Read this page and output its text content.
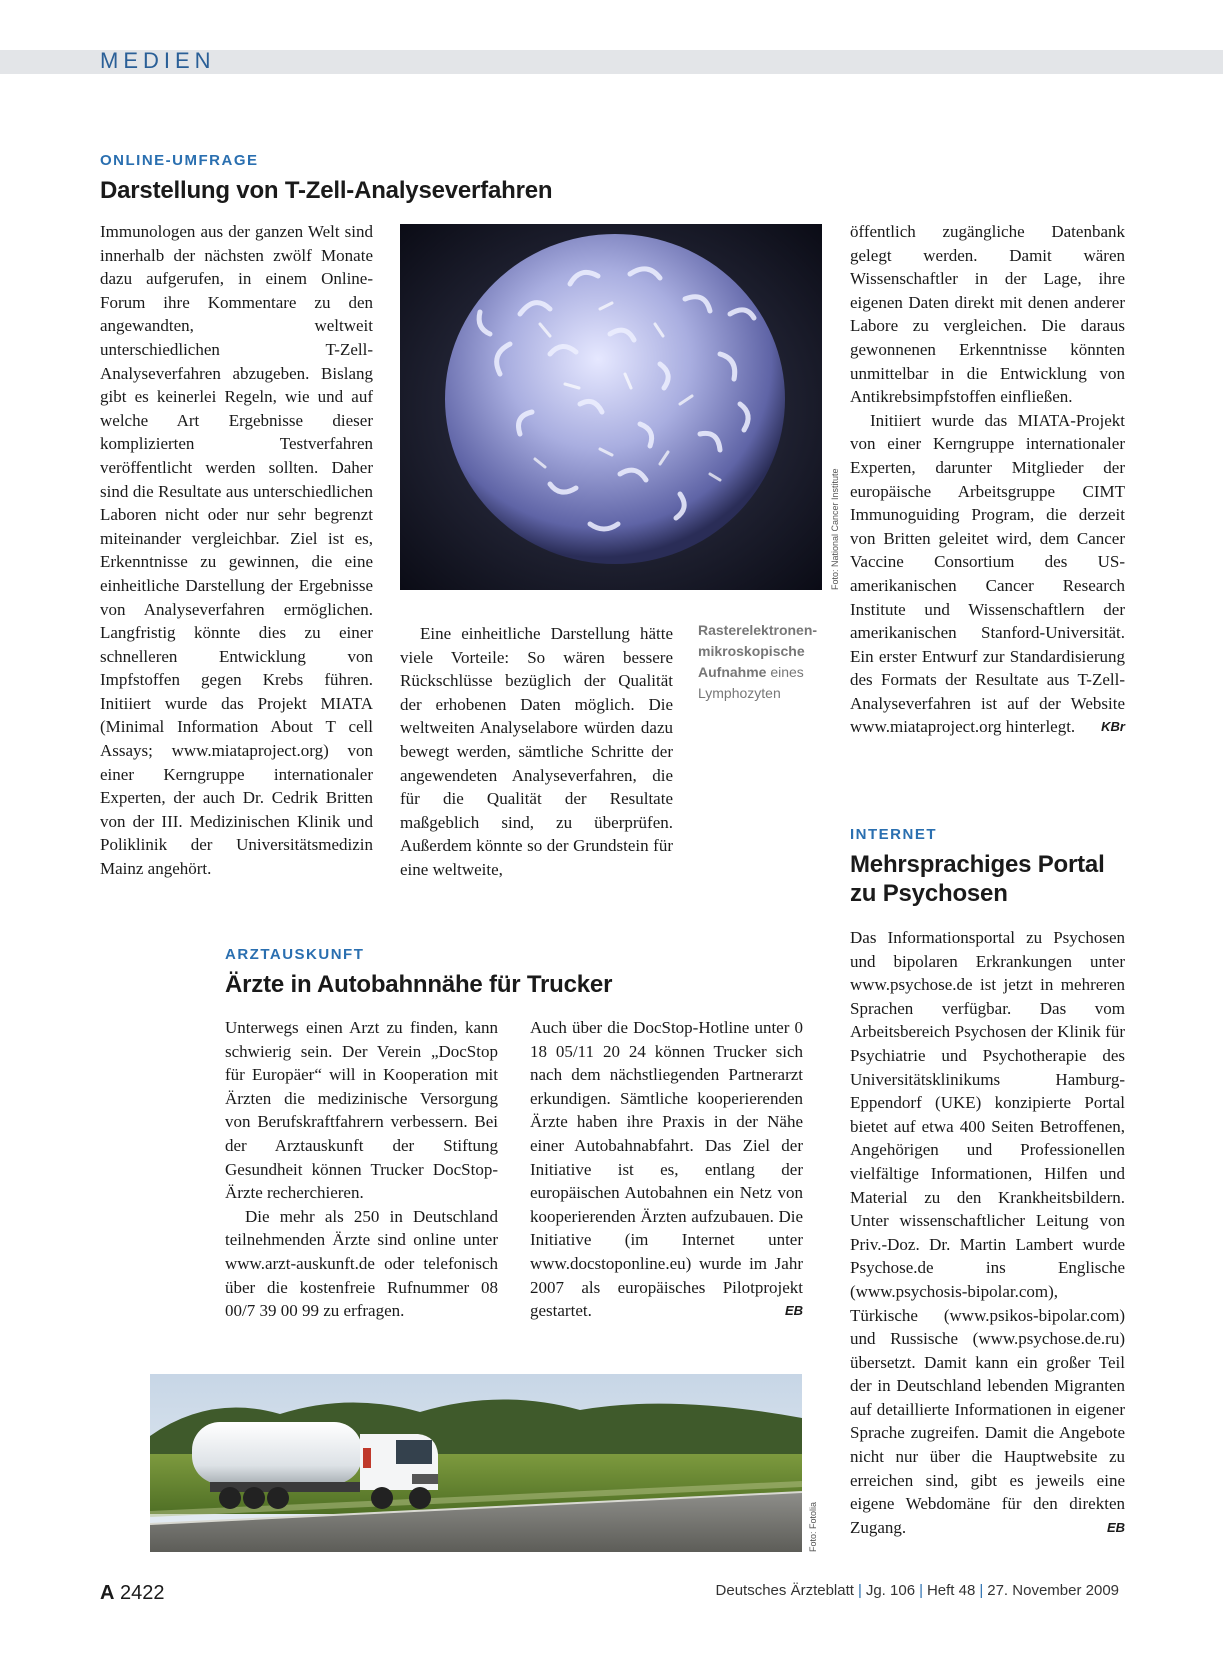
MEDIEN
ONLINE-UMFRAGE
Darstellung von T-Zell-Analyseverfahren

Immunologen aus der ganzen Welt sind innerhalb der nächsten zwölf Monate dazu aufgerufen, in einem Online-Forum ihre Kommentare zu den angewandten, weltweit unterschiedlichen T-Zell-Analyseverfahren abzugeben. Bislang gibt es keinerlei Regeln, wie und auf welche Art Ergebnisse dieser komplizierten Testverfahren veröffentlicht werden sollten. Daher sind die Resultate aus unterschiedlichen Laboren nicht oder nur sehr begrenzt miteinander vergleichbar. Ziel ist es, Erkenntnisse zu gewinnen, die eine einheitliche Darstellung der Ergebnisse von Analyseverfahren ermöglichen. Langfristig könnte dies zu einer schnelleren Entwicklung von Impfstoffen gegen Krebs führen. Initiiert wurde das Projekt MIATA (Minimal Information About T cell Assays; www.miataproject.org) von einer Kerngruppe internationaler Experten, der auch Dr. Cedrik Britten von der III. Medizinischen Klinik und Poliklinik der Universitätsmedizin Mainz angehört.

Foto: National Cancer Institute

Eine einheitliche Darstellung hätte viele Vorteile: So wären bessere Rückschlüsse bezüglich der Qualität der erhobenen Daten möglich. Die weltweiten Analyselabore würden dazu bewegt werden, sämtliche Schritte der angewendeten Analyseverfahren, die für die Qualität der Resultate maßgeblich sind, zu überprüfen. Außerdem könnte so der Grundstein für eine weltweite,

Rasterelektronen-mikroskopische Aufnahme eines Lymphozyten

öffentlich zugängliche Datenbank gelegt werden. Damit wären Wissenschaftler in der Lage, ihre eigenen Daten direkt mit denen anderer Labore zu vergleichen. Die daraus gewonnenen Erkenntnisse könnten unmittelbar in die Entwicklung von Antikrebsimpfstoffen einfließen.

Initiiert wurde das MIATA-Projekt von einer Kerngruppe internationaler Experten, darunter Mitglieder der europäische Arbeitsgruppe CIMT Immunoguiding Program, die derzeit von Britten geleitet wird, dem Cancer Vaccine Consortium des US-amerikanischen Cancer Research Institute und Wissenschaftlern der amerikanischen Stanford-Universität. Ein erster Entwurf zur Standardisierung des Formats der Resultate aus T-Zell-Analyseverfahren ist auf der Website www.miataproject.org hinterlegt.	KBr

INTERNET
Mehrsprachiges Portal zu Psychosen

Das Informationsportal zu Psychosen und bipolaren Erkrankungen unter www.psychose.de ist jetzt in mehreren Sprachen verfügbar. Das vom Arbeitsbereich Psychosen der Klinik für Psychiatrie und Psychotherapie des Universitätsklinikums Hamburg-Eppendorf (UKE) konzipierte Portal bietet auf etwa 400 Seiten Betroffenen, Angehörigen und Professionellen vielfältige Informationen, Hilfen und Material zu den Krankheitsbildern. Unter wissenschaftlicher Leitung von Priv.-Doz. Dr. Martin Lambert wurde Psychose.de ins Englische (www.psychosis-bipolar.com), Türkische (www.psikos-bipolar.com) und Russische (www.psychose.de.ru) übersetzt. Damit kann ein großer Teil der in Deutschland lebenden Migranten auf detaillierte Informationen in eigener Sprache zugreifen. Damit die Angebote nicht nur über die Hauptwebsite zu erreichen sind, gibt es jeweils eine eigene Webdomäne für den direkten Zugang.	EB

ARZTAUSKUNFT
Ärzte in Autobahnnähe für Trucker

Unterwegs einen Arzt zu finden, kann schwierig sein. Der Verein „DocStop für Europäer“ will in Kooperation mit Ärzten die medizinische Versorgung von Berufskraftfahrern verbessern. Bei der Arztauskunft der Stiftung Gesundheit können Trucker DocStop-Ärzte recherchieren.

Die mehr als 250 in Deutschland teilnehmenden Ärzte sind online unter www.arzt-auskunft.de oder telefonisch über die kostenfreie Rufnummer 08 00/7 39 00 99 zu erfragen.

Auch über die DocStop-Hotline unter 0 18 05/11 20 24 können Trucker sich nach dem nächstliegenden Partnerarzt erkundigen. Sämtliche kooperierenden Ärzte haben ihre Praxis in der Nähe einer Autobahnabfahrt. Das Ziel der Initiative ist es, entlang der europäischen Autobahnen ein Netz von kooperierenden Ärzten aufzubauen. Die Initiative (im Internet unter www.docstoponline.eu) wurde im Jahr 2007 als europäisches Pilotprojekt gestartet.	EB

Foto: Fotolia
A 2422	Deutsches Ärzteblatt | Jg. 106 | Heft 48 | 27. November 2009
